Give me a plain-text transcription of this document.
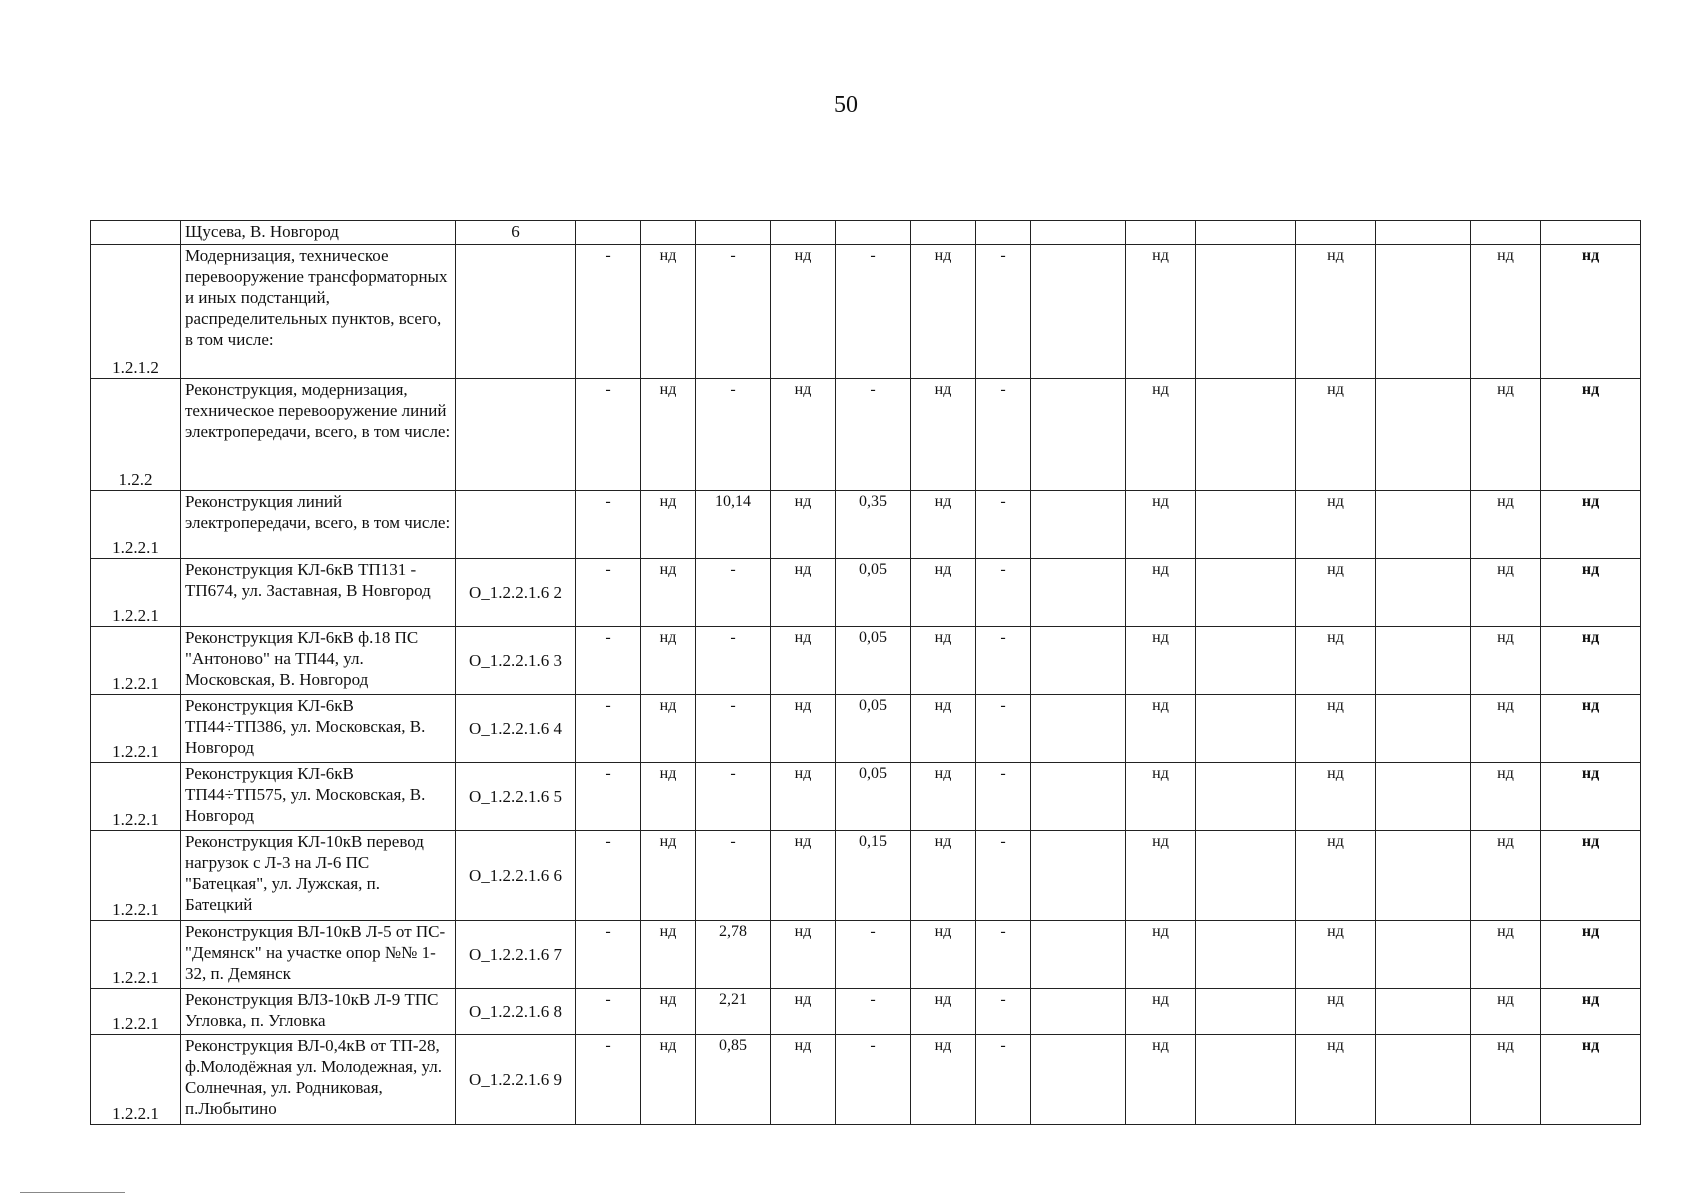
50
	Щусева, В. Новгород	6														
1.2.1.2	Модернизация, техническое перевооружение трансформаторных и иных подстанций, распределительных пунктов, всего, в том числе:		-	нд	-	нд	-	нд	-		нд		нд		нд	нд
1.2.2	Реконструкция, модернизация, техническое перевооружение линий электропередачи, всего, в том числе:		-	нд	-	нд	-	нд	-		нд		нд		нд	нд
1.2.2.1	Реконструкция линий электропередачи, всего, в том числе:		-	нд	10,14	нд	0,35	нд	-		нд		нд		нд	нд
1.2.2.1	Реконструкция КЛ-6кВ ТП131 - ТП674, ул. Заставная, В Новгород	О_1.2.2.1.6 2	-	нд	-	нд	0,05	нд	-		нд		нд		нд	нд
1.2.2.1	Реконструкция КЛ-6кВ ф.18 ПС "Антоново" на ТП44, ул. Московская, В. Новгород	О_1.2.2.1.6 3	-	нд	-	нд	0,05	нд	-		нд		нд		нд	нд
1.2.2.1	Реконструкция КЛ-6кВ ТП44÷ТП386, ул. Московская, В. Новгород	О_1.2.2.1.6 4	-	нд	-	нд	0,05	нд	-		нд		нд		нд	нд
1.2.2.1	Реконструкция КЛ-6кВ ТП44÷ТП575, ул. Московская, В. Новгород	О_1.2.2.1.6 5	-	нд	-	нд	0,05	нд	-		нд		нд		нд	нд
1.2.2.1	Реконструкция КЛ-10кВ перевод нагрузок с Л-3 на Л-6 ПС "Батецкая", ул. Лужская, п. Батецкий	О_1.2.2.1.6 6	-	нд	-	нд	0,15	нд	-		нд		нд		нд	нд
1.2.2.1	Реконструкция ВЛ-10кВ Л-5 от ПС- "Демянск" на участке опор №№ 1-32, п. Демянск	О_1.2.2.1.6 7	-	нд	2,78	нд	-	нд	-		нд		нд		нд	нд
1.2.2.1	Реконструкция ВЛЗ-10кВ Л-9 ТПС Угловка, п. Угловка	О_1.2.2.1.6 8	-	нд	2,21	нд	-	нд	-		нд		нд		нд	нд
1.2.2.1	Реконструкция ВЛ-0,4кВ от ТП-28, ф.Молодёжная ул. Молодежная, ул. Солнечная, ул. Родниковая, п.Любытино	О_1.2.2.1.6 9	-	нд	0,85	нд	-	нд	-		нд		нд		нд	нд
